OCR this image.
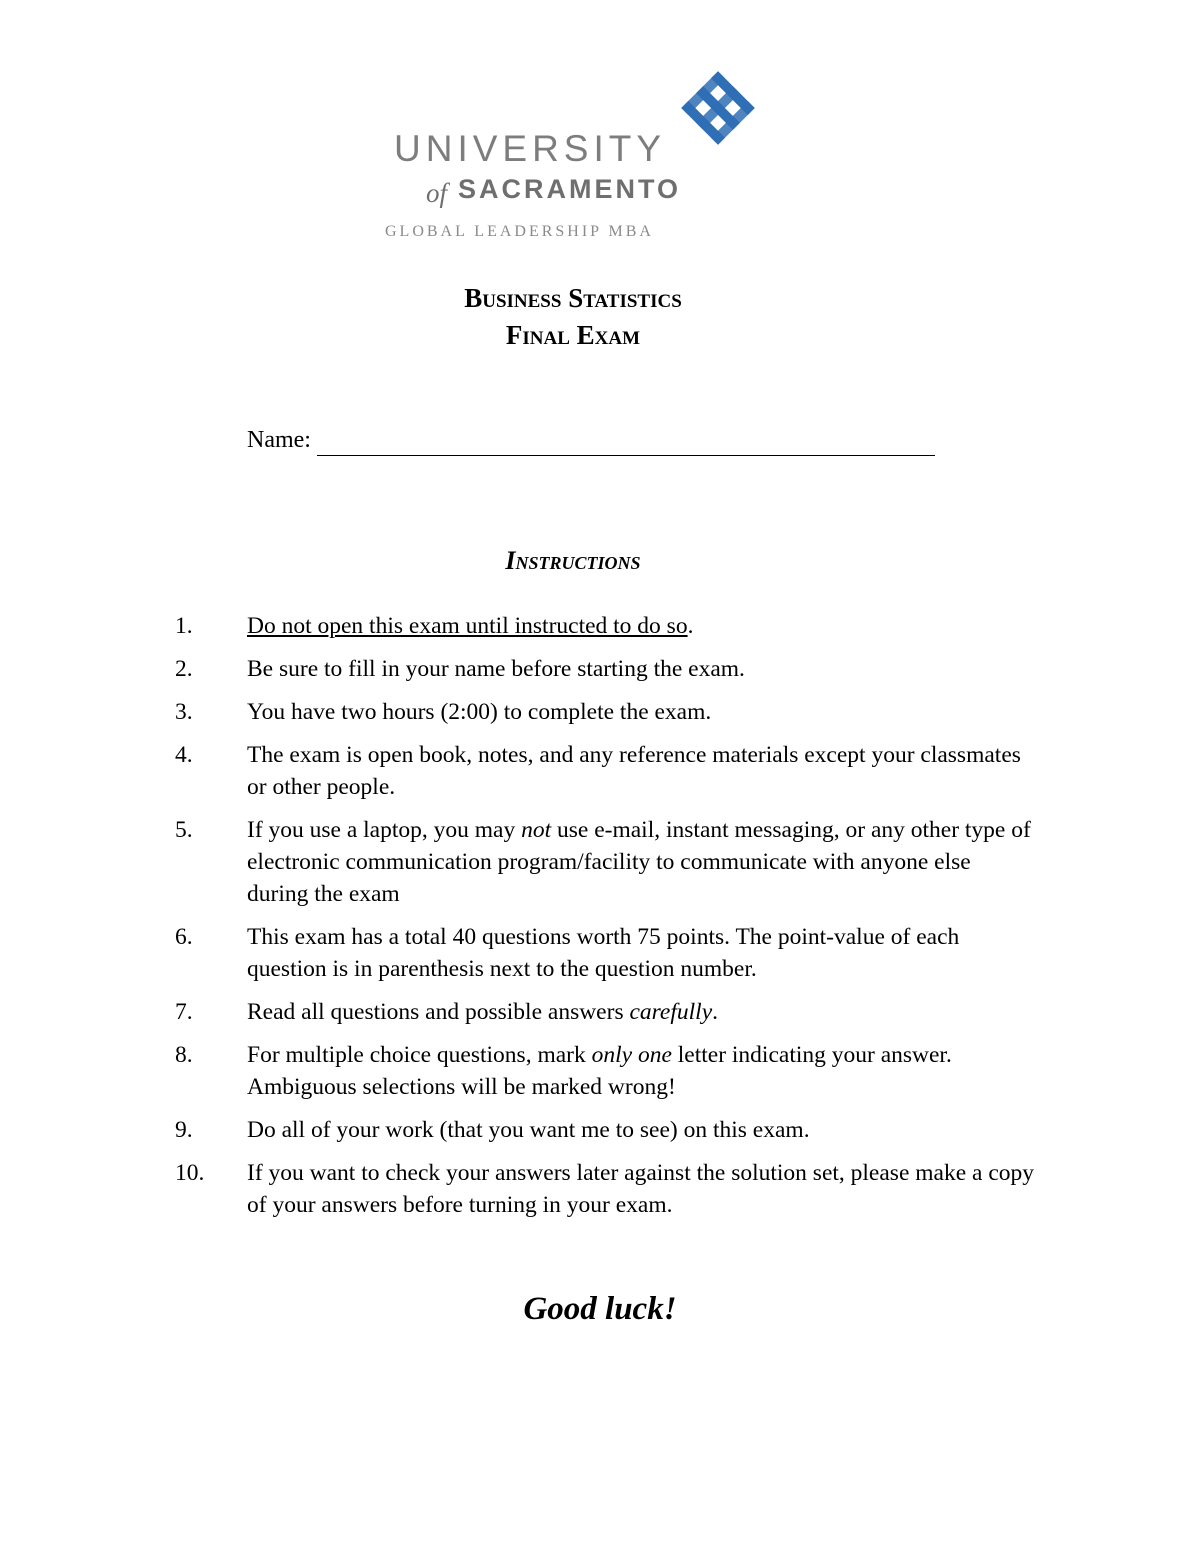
UNIVERSITY
of SACRAMENTO
GLOBAL LEADERSHIP MBA
Business Statistics
Final Exam
Name:
Instructions
1. Do not open this exam until instructed to do so.
2. Be sure to fill in your name before starting the exam.
3. You have two hours (2:00) to complete the exam.
4. The exam is open book, notes, and any reference materials except your classmates or other people.
5. If you use a laptop, you may not use e-mail, instant messaging, or any other type of electronic communication program/facility to communicate with anyone else during the exam
6. This exam has a total 40 questions worth 75 points. The point-value of each question is in parenthesis next to the question number.
7. Read all questions and possible answers carefully.
8. For multiple choice questions, mark only one letter indicating your answer. Ambiguous selections will be marked wrong!
9. Do all of your work (that you want me to see) on this exam.
10. If you want to check your answers later against the solution set, please make a copy of your answers before turning in your exam.
Good luck!
